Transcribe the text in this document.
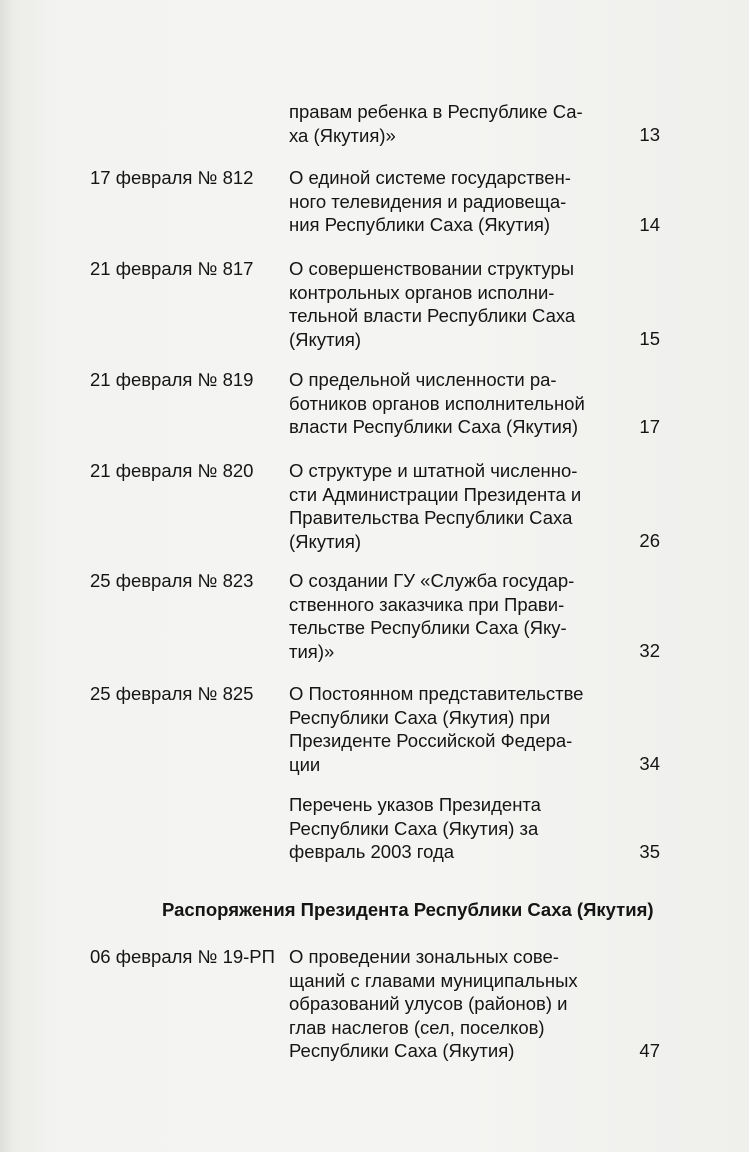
правам ребенка в Республике Са-
ха (Якутия)»	13
17 февраля № 812 О единой системе государствен-
ного телевидения и радиовеща-
ния Республики Саха (Якутия)	14
21 февраля № 817 О совершенствовании структуры
контрольных органов исполни-
тельной власти Республики Саха
(Якутия)	15
21 февраля № 819 О предельной численности ра-
ботников органов исполнительной
власти Республики Саха (Якутия)	17
21 февраля № 820 О структуре и штатной численно-
сти Администрации Президента и
Правительства Республики Саха
(Якутия)	26
25 февраля № 823 О создании ГУ «Служба государ-
ственного заказчика при Прави-
тельстве Республики Саха (Яку-
тия)»	32
25 февраля № 825 О Постоянном представительстве
Республики Саха (Якутия) при
Президенте Российской Федера-
ции	34
Перечень указов Президента
Республики Саха (Якутия) за
февраль 2003 года	35
Распоряжения Президента Республики Саха (Якутия)
06 февраля № 19-РП О проведении зональных сове-
щаний с главами муниципальных
образований улусов (районов) и
глав наслегов (сел, поселков)
Республики Саха (Якутия)	47
